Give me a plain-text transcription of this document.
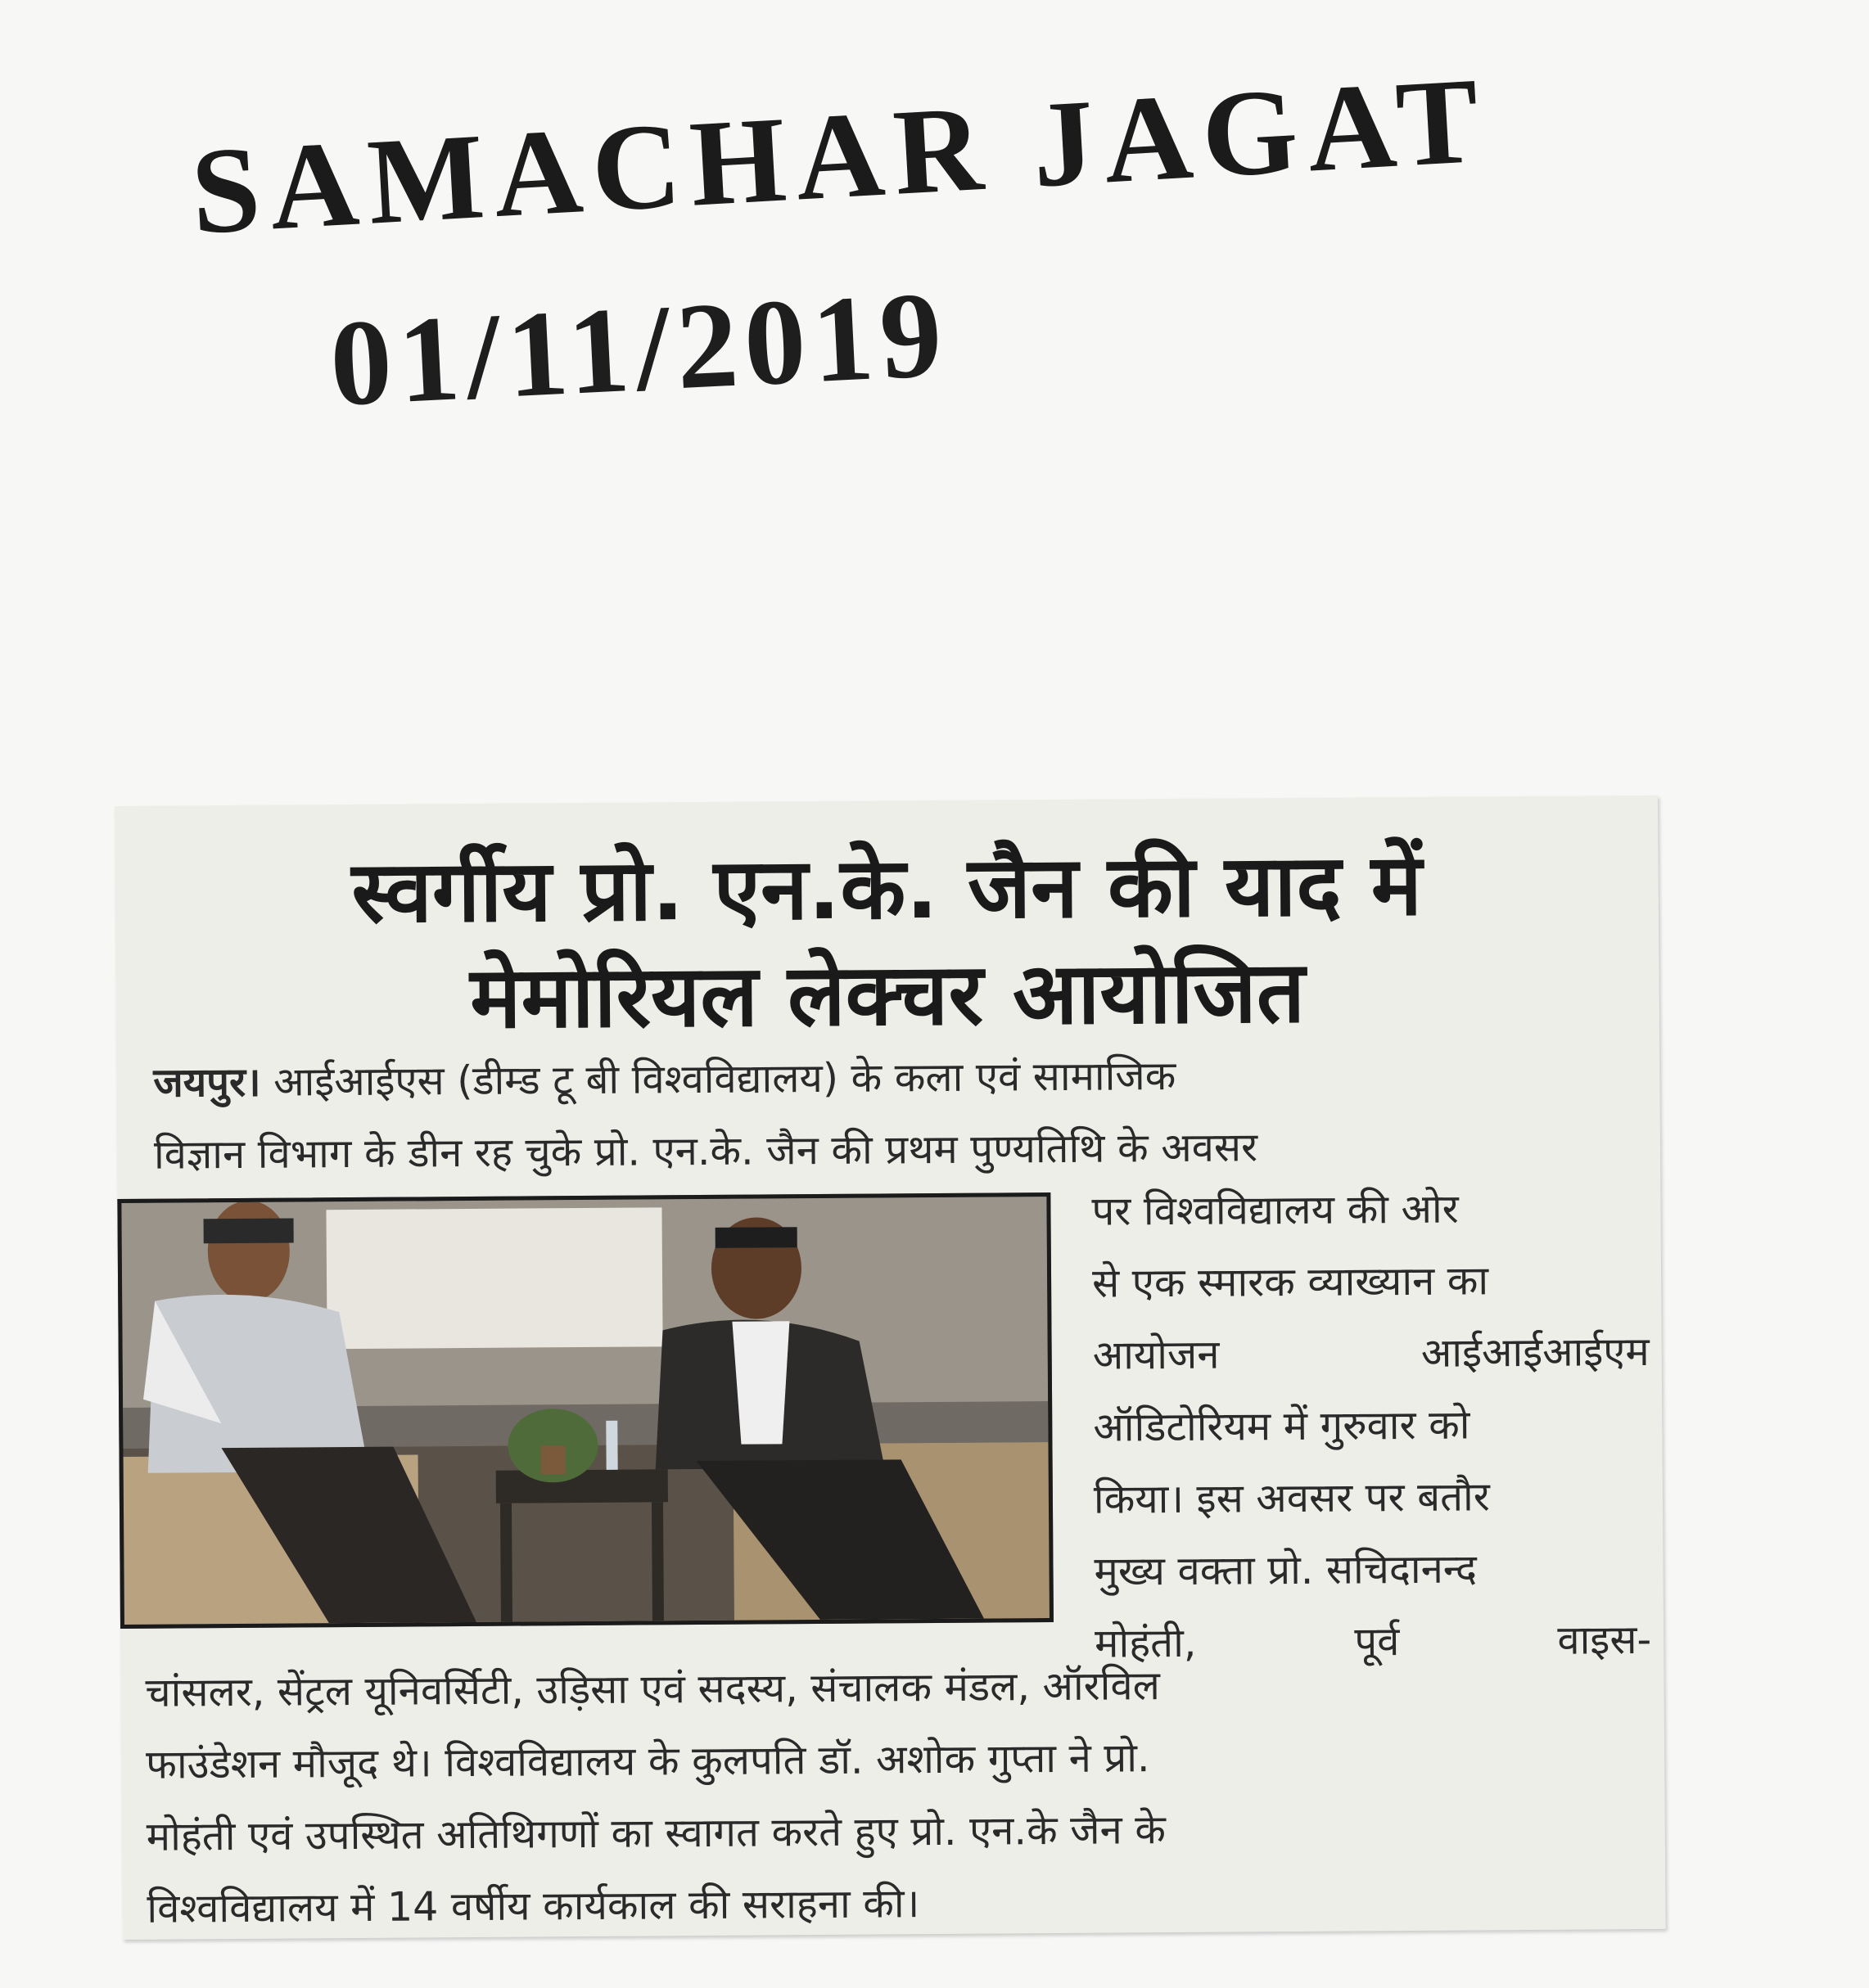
SAMACHAR JAGAT
01/11/2019
स्वर्गीय प्रो. एन.के. जैन की याद में
मेमोरियल लेक्चर आयोजित
जयपुर। आईआईएस (डीम्ड टू बी विश्वविद्यालय) के कला एवं सामाजिक
विज्ञान विभाग के डीन रह चुके प्रो. एन.के. जैन की प्रथम पुण्यतिथि के अवसर
पर विश्वविद्यालय की ओर
से एक स्मारक व्याख्यान का
आयोजन आईआईआईएम
ऑडिटोरियम में गुरुवार को
किया। इस अवसर पर बतौर
मुख्य वक्ता प्रो. सचिदानन्द
मोहंती, पूर्व वाइस-
चांसलर, सेंट्रल यूनिवर्सिटी, उड़िसा एवं सदस्य, संचालक मंडल, ऑरविल
फाउंडेशन मौजूद थे। विश्वविद्यालय के कुलपति डॉ. अशोक गुप्ता ने प्रो.
मोहंती एवं उपस्थित अतिथिगणों का स्वागत करते हुए प्रो. एन.के जैन के
विश्वविद्यालय में 14 वर्षीय कार्यकाल की सराहना की।
